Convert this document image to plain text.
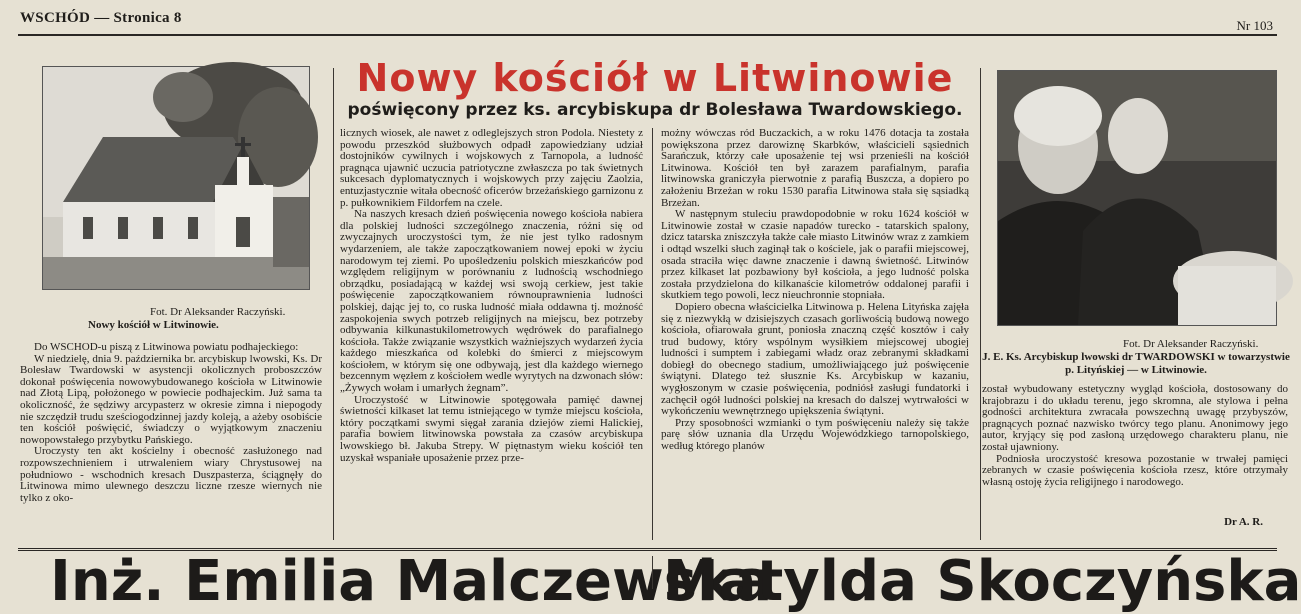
WSCHÓD — Stronica 8	Nr 103
Fot. Dr Aleksander Raczyński.
Nowy kościół w Litwinowie.

Do WSCHOD-u piszą z Litwinowa powiatu podhajeckiego:

W niedzielę, dnia 9. października br. arcybiskup lwowski, Ks. Dr Bolesław Twardowski w asystencji okolicznych proboszczów dokonał poświęcenia nowowybudowanego kościoła w Litwinowie nad Złotą Lipą, położonego w powiecie podhajeckim. Już sama ta okoliczność, że sędziwy arcypasterz w okresie zimna i niepogody nie szczędził trudu sześciogodzinnej jazdy koleją, a ażeby osobiście ten kościół poświęcić, świadczy o wyjątkowym znaczeniu nowopowstałego przybytku Pańskiego.

Uroczysty ten akt kościelny i obecność zasłużonego nad rozpowszechnieniem i utrwaleniem wiary Chrystusowej na południowo - wschodnich kresach Duszpasterza, ściągnęły do Litwinowa mimo ulewnego deszczu liczne rzesze wiernych nie tylko z oko-

Nowy kościół w Litwinowie
poświęcony przez ks. arcybiskupa dr Bolesława Twardowskiego.

licznych wiosek, ale nawet z odleglejszych stron Podola. Niestety z powodu przeszkód służbowych odpadł zapowiedziany udział dostojników cywilnych i wojskowych z Tarnopola, a ludność pragnąca ujawnić uczucia patriotyczne zwłaszcza po tak świetnych sukcesach dyplomatycznych i wojskowych przy zajęciu Zaolzia, entuzjastycznie witała obecność oficerów brzeżańskiego garnizonu z p. pułkownikiem Fildorfem na czele.

Na naszych kresach dzień poświęcenia nowego kościoła nabiera dla polskiej ludności szczególnego znaczenia, różni się od zwyczajnych uroczystości tym, że nie jest tylko radosnym wydarzeniem, ale także zapoczątkowaniem nowej epoki w życiu narodowym tej ziemi. Po upośledzeniu polskich mieszkańców pod względem religijnym w porównaniu z ludnością wschodniego obrządku, posiadającą w każdej wsi swoją cerkiew, jest takie poświęcenie zapoczątkowaniem równouprawnienia ludności polskiej, dając jej to, co ruska ludność miała oddawna tj. możność zaspokojenia swych potrzeb religijnych na miejscu, bez potrzeby odbywania kilkunastukilometrowych wędrówek do parafialnego kościoła. Także związanie wszystkich ważniejszych wydarzeń życia każdego mieszkańca od kolebki do śmierci z miejscowym kościołem, w którym się one odbywają, jest dla każdego wiernego bezcennym węzłem z kościołem wedle wyrytych na dzwonach słów: „Żywych wołam i umarłych żegnam”.

Uroczystość w Litwinowie spotęgowała pamięć dawnej świetności kilkaset lat temu istniejącego w tymże miejscu kościoła, który początkami swymi sięgał zarania dziejów ziemi Halickiej, parafia bowiem litwinowska powstała za czasów arcybiskupa lwowskiego bł. Jakuba Strepy. W piętnastym wieku kościół ten uzyskał wspaniałe uposażenie przez prze-

możny wówczas ród Buczackich, a w roku 1476 dotacja ta została powiększona przez darowiznę Skarbków, właścicieli sąsiednich Sarańczuk, którzy całe uposażenie tej wsi przenieśli na kościół Litwinowa. Kościół ten był zarazem parafialnym, parafia litwinowska graniczyła pierwotnie z parafią Buszcza, a dopiero po założeniu Brzeżan w roku 1530 parafia Litwinowa stała się sąsiadką Brzeżan.

W następnym stuleciu prawdopodobnie w roku 1624 kościół w Litwinowie został w czasie napadów turecko - tatarskich spalony, dzicz tatarska zniszczyła także całe miasto Litwinów wraz z zamkiem i odtąd wszelki słuch zaginął tak o kościele, jak o parafii miejscowej, osada straciła więc dawne znaczenie i dawną świetność. Litwinów przez kilkaset lat pozbawiony był kościoła, a jego ludność polska została przydzielona do kilkanaście kilometrów oddalonej parafii i skutkiem tego powoli, lecz nieuchronnie stopniała.

Dopiero obecna właścicielka Litwinowa p. Helena Lityńska zajęła się z niezwykłą w dzisiejszych czasach gorliwością budową nowego kościoła, ofiarowała grunt, poniosła znaczną część kosztów i cały trud budowy, który wspólnym wysiłkiem miejscowej ubogiej ludności i sumptem i zabiegami władz oraz zebranymi składkami dobiegł do obecnego stadium, umożliwiającego już poświęcenie świątyni. Dlatego też słusznie Ks. Arcybiskup w kazaniu, wygłoszonym w czasie poświęcenia, podniósł zasługi fundatorki i zachęcił ogół ludności polskiej na kresach do dalszej wytrwałości w wykończeniu wewnętrznego upiększenia świątyni.

Przy sposobności wzmianki o tym poświęceniu należy się także parę słów uznania dla Urzędu Wojewódzkiego tarnopolskiego, według którego planów

Fot. Dr Aleksander Raczyński.
J. E. Ks. Arcybiskup lwowski dr TWARDOWSKI w towarzystwie p. Lityńskiej — w Litwinowie.

został wybudowany estetyczny wygląd kościoła, dostosowany do krajobrazu i do układu terenu, jego skromna, ale stylowa i pełna godności architektura zwracała powszechną uwagę przybyszów, pragnących poznać nazwisko twórcy tego planu. Anonimowy jego autor, kryjący się pod zasłoną urzędowego charakteru planu, nie został ujawniony.

Podniosła uroczystość kresowa pozostanie w trwałej pamięci zebranych w czasie poświęcenia kościoła rzesz, które otrzymały własną ostoję życia religijnego i narodowego.

Dr A. R.
Inż. Emilia Malczewska
Matylda Skoczyńska
